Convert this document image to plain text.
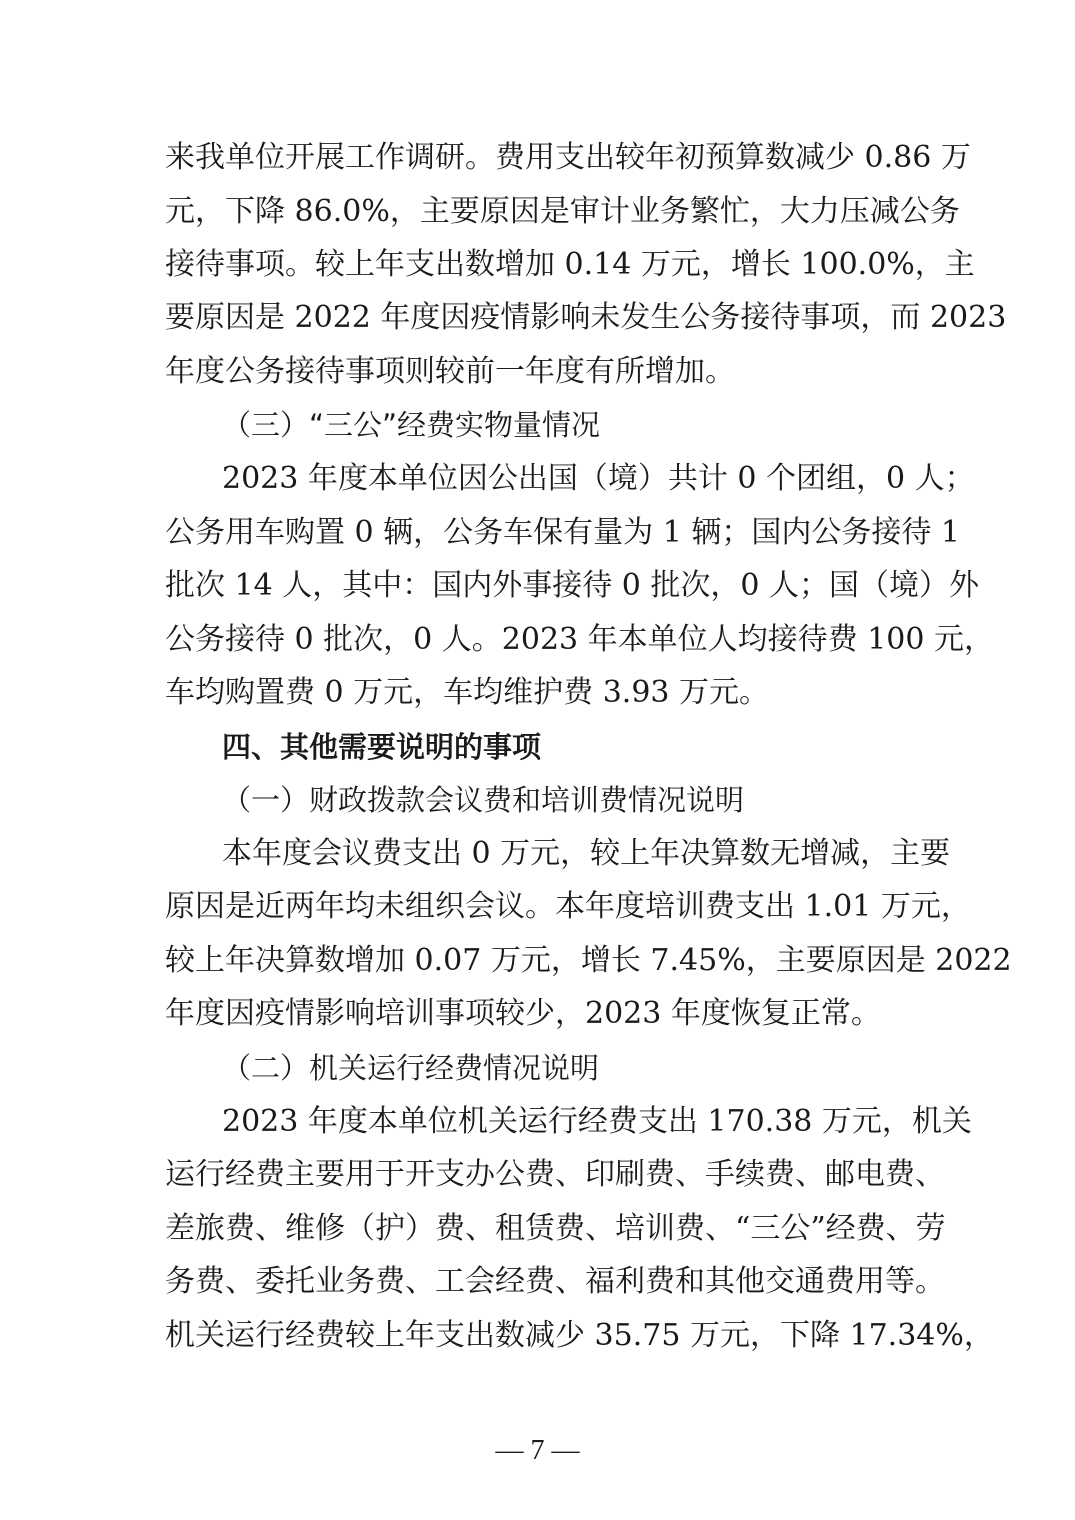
来我单位开展工作调研。费用支出较年初预算数减少 0.86 万
元，下降 86.0%，主要原因是审计业务繁忙，大力压减公务
接待事项。较上年支出数增加 0.14 万元，增长 100.0%，主
要原因是 2022 年度因疫情影响未发生公务接待事项，而 2023
年度公务接待事项则较前一年度有所增加。
（三）“三公”经费实物量情况
2023 年度本单位因公出国（境）共计 0 个团组，0 人；
公务用车购置 0 辆，公务车保有量为 1 辆；国内公务接待 1
批次 14 人，其中：国内外事接待 0 批次，0 人；国（境）外
公务接待 0 批次，0 人。2023 年本单位人均接待费 100 元，
车均购置费 0 万元，车均维护费 3.93 万元。
四、其他需要说明的事项
（一）财政拨款会议费和培训费情况说明
本年度会议费支出 0 万元，较上年决算数无增减，主要
原因是近两年均未组织会议。本年度培训费支出 1.01 万元，
较上年决算数增加 0.07 万元，增长 7.45%，主要原因是 2022
年度因疫情影响培训事项较少，2023 年度恢复正常。
（二）机关运行经费情况说明
2023 年度本单位机关运行经费支出 170.38 万元，机关
运行经费主要用于开支办公费、印刷费、手续费、邮电费、
差旅费、维修（护）费、租赁费、培训费、“三公”经费、劳
务费、委托业务费、工会经费、福利费和其他交通费用等。
机关运行经费较上年支出数减少 35.75 万元，下降 17.34%，
— 7 —
